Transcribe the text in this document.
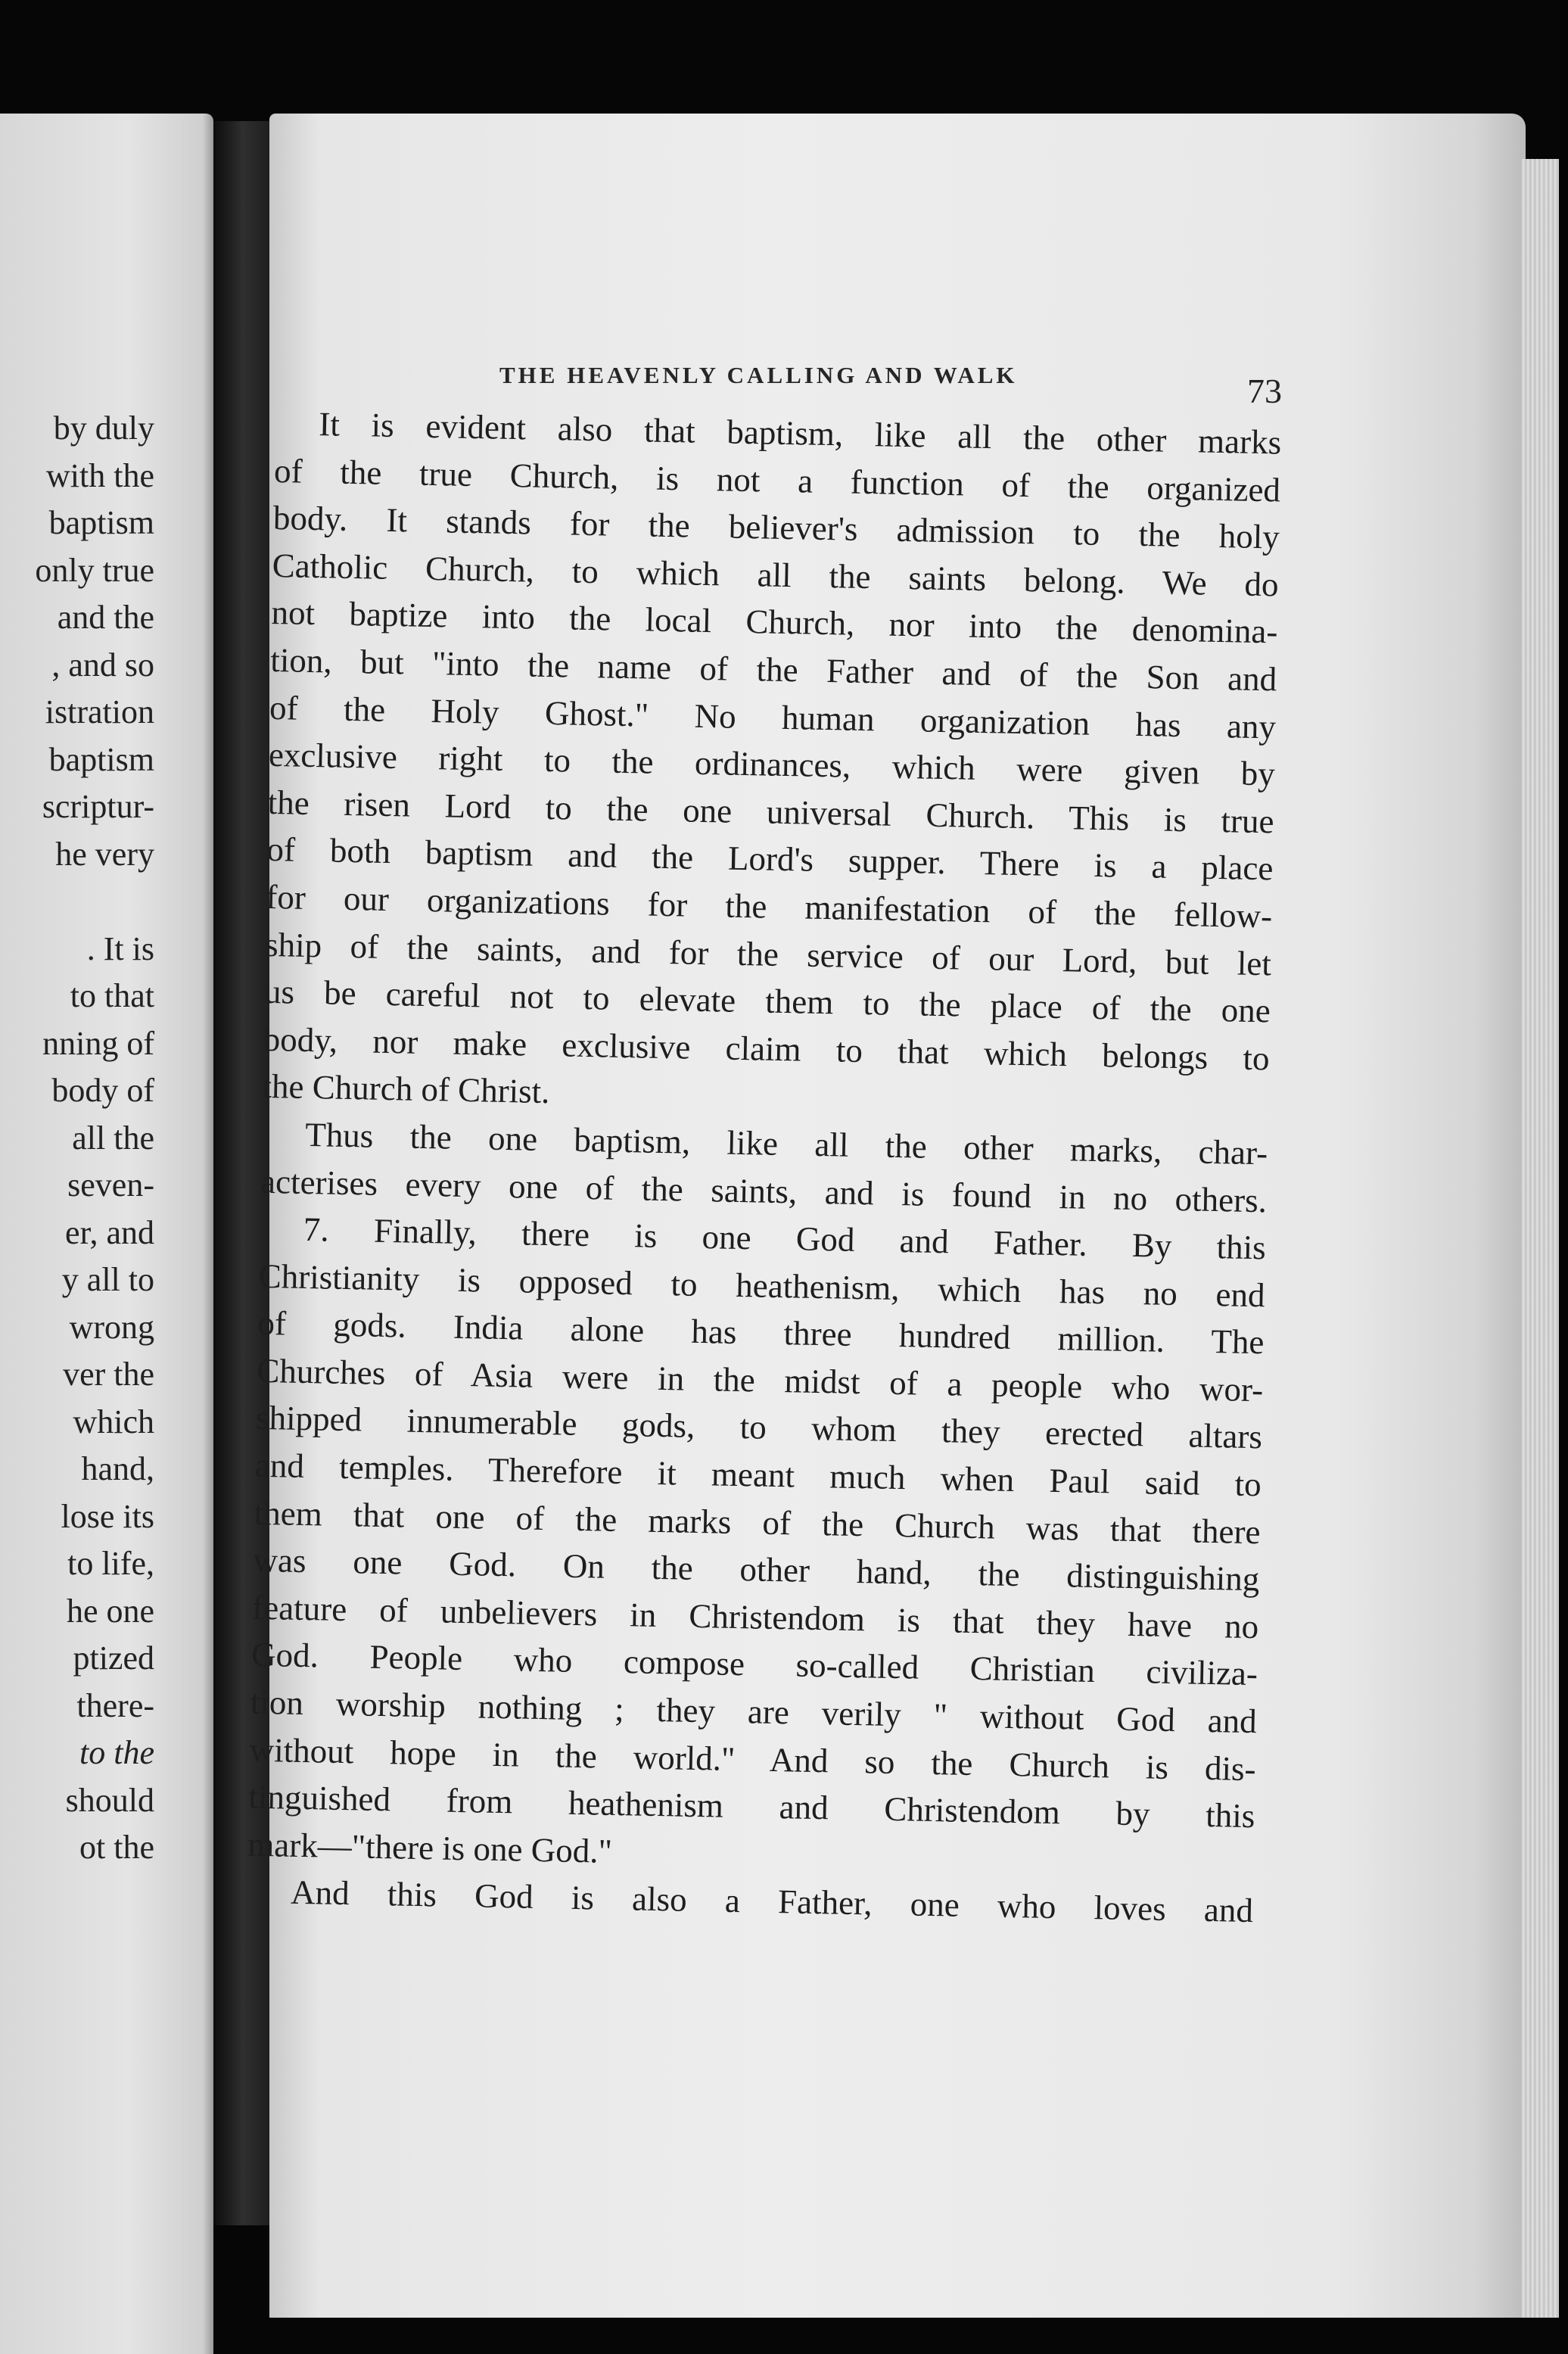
by duly
with the
baptism
only true
and the
, and so
istration
baptism
scriptur-
he very

. It is
to that
nning of
body of
all the
seven-
er, and
y all to
wrong
ver the
which
hand,
lose its
to life,
he one
ptized
there-
to the
should
ot the
THE HEAVENLY CALLING AND WALK	73
It is evident also that baptism, like all the other marks
of the true Church, is not a function of the organized
body. It stands for the believer's admission to the holy
Catholic Church, to which all the saints belong. We do
not baptize into the local Church, nor into the denomina-
tion, but "into the name of the Father and of the Son and
of the Holy Ghost." No human organization has any
exclusive right to the ordinances, which were given by
the risen Lord to the one universal Church. This is true
of both baptism and the Lord's supper. There is a place
for our organizations for the manifestation of the fellow-
ship of the saints, and for the service of our Lord, but let
us be careful not to elevate them to the place of the one
body, nor make exclusive claim to that which belongs to
the Church of Christ.
Thus the one baptism, like all the other marks, char-
acterises every one of the saints, and is found in no others.
7. Finally, there is one God and Father. By this
Christianity is opposed to heathenism, which has no end
of gods. India alone has three hundred million. The
Churches of Asia were in the midst of a people who wor-
shipped innumerable gods, to whom they erected altars
and temples. Therefore it meant much when Paul said to
them that one of the marks of the Church was that there
was one God. On the other hand, the distinguishing
feature of unbelievers in Christendom is that they have no
God. People who compose so-called Christian civiliza-
tion worship nothing ; they are verily " without God and
without hope in the world." And so the Church is dis-
tinguished from heathenism and Christendom by this
mark—"there is one God."
And this God is also a Father, one who loves and
